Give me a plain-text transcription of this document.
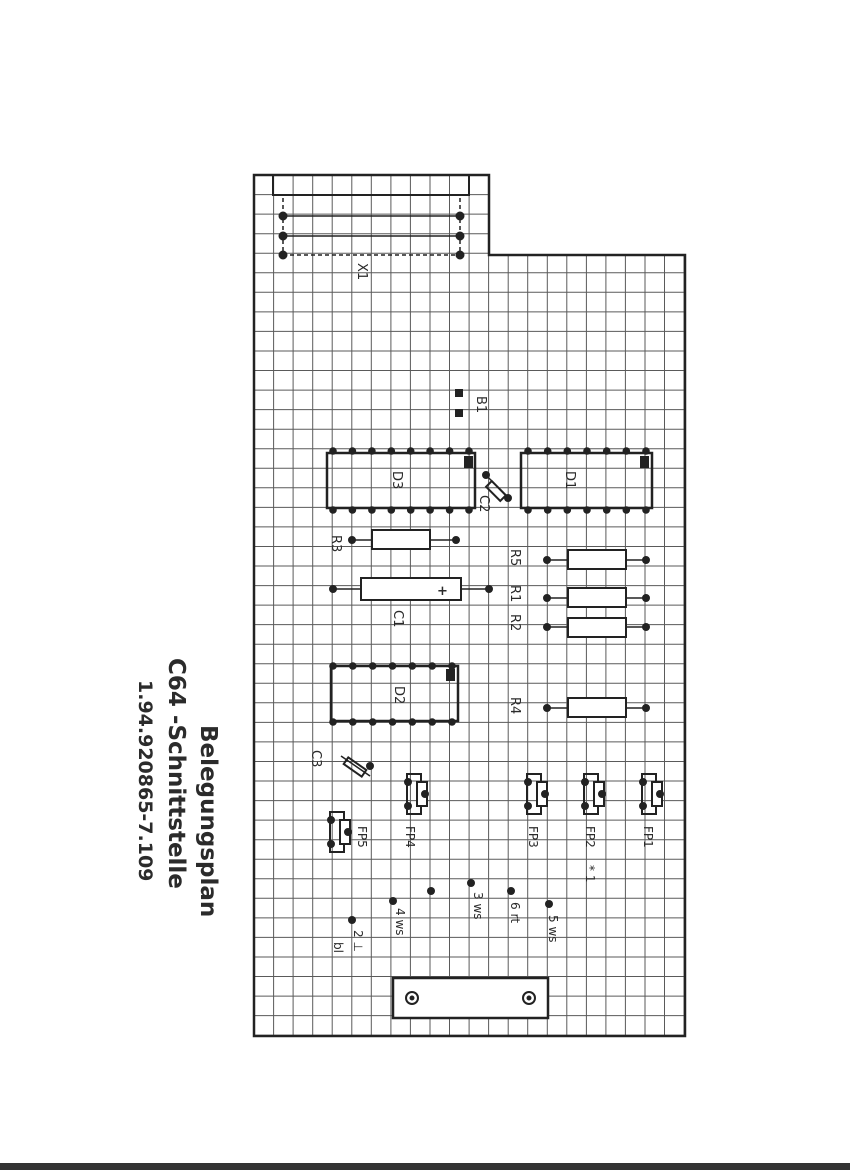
X1
B1
D3	D1
C2
R3
+
C1
R5
R1
R2
D2
R4
C3
FP1
FP2
* 1
FP3
FP4
FP5
5 ws
6 rt
3 ws
4 ws
2 ⊥
bl
Belegungsplan
C64 -Schnittstelle
1.94.920865-7.109
